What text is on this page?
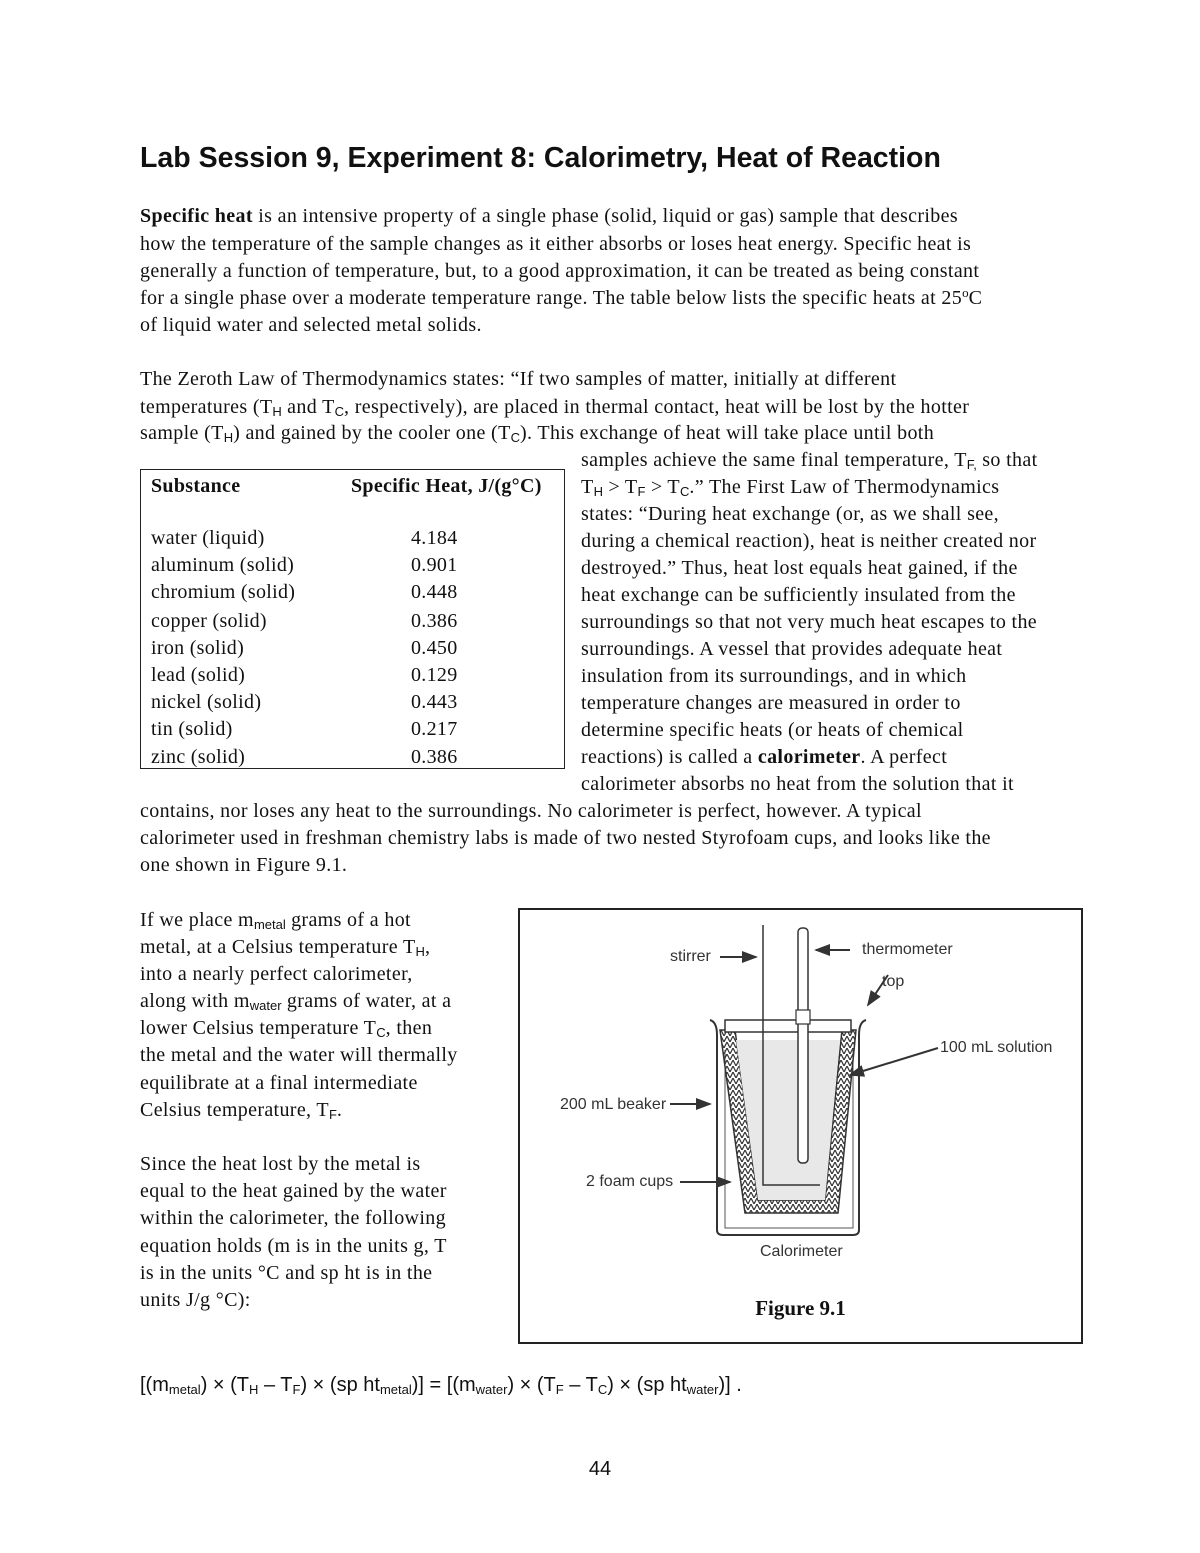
Lab Session 9, Experiment 8: Calorimetry, Heat of Reaction
Specific heat is an intensive property of a single phase (solid, liquid or gas) sample that describes
how the temperature of the sample changes as it either absorbs or loses heat energy. Specific heat is
generally a function of temperature, but, to a good approximation, it can be treated as being constant
for a single phase over a moderate temperature range. The table below lists the specific heats at 25$^o$C
of liquid water and selected metal solids.
The Zeroth Law of Thermodynamics states: “If two samples of matter, initially at different
temperatures ($T_H$ and $T_C$, respectively), are placed in thermal contact, heat will be lost by the hotter
sample $(T_H)$ and gained by the cooler one $(T_C)$. This exchange of heat will take place until both
samples achieve the same final temperature, $T_{F,}$ so that
$T_H > T_F > T_C$.” The First Law of Thermodynamics
states: “During heat exchange (or, as we shall see,
during a chemical reaction), heat is neither created nor
destroyed.” Thus, heat lost equals heat gained, if the
heat exchange can be sufficiently insulated from the
surroundings so that not very much heat escapes to the
surroundings. A vessel that provides adequate heat
insulation from its surroundings, and in which
temperature changes are measured in order to
determine specific heats (or heats of chemical
reactions) is called a calorimeter. A perfect
calorimeter absorbs no heat from the solution that it
contains, nor loses any heat to the surroundings. No calorimeter is perfect, however. A typical
calorimeter used in freshman chemistry labs is made of two nested Styrofoam cups, and looks like the
one shown in Figure 9.1.
If we place $m_{metal}$ grams of a hot
metal, at a Celsius temperature $T_H$,
into a nearly perfect calorimeter,
along with $m_{water}$ grams of water, at a
lower Celsius temperature $T_C$, then
the metal and the water will thermally
equilibrate at a final intermediate
Celsius temperature, $T_F$.
Since the heat lost by the metal is
equal to the heat gained by the water
within the calorimeter, the following
equation holds (m is in the units g, T
is in the units °C and sp ht is in the
units J/g °C):
Substance	Specific Heat, J/(g°C)
water (liquid)	4.184
aluminum (solid)	0.901
chromium (solid)	0.448
copper (solid)	0.386
iron (solid)	0.450
lead (solid)	0.129
nickel (solid)	0.443
tin (solid)	0.217
zinc (solid)	0.386
stirrer	thermometer
top
100 mL solution
200 mL beaker
2 foam cups
Calorimeter
Figure 9.1
[$(m_{metal}) \times (T_H - T_F) \times (sp$ $ht_{metal})] = [(m_{water}) \times (T_F - T_C) \times (sp$ $ht_{water}$)] .
44
